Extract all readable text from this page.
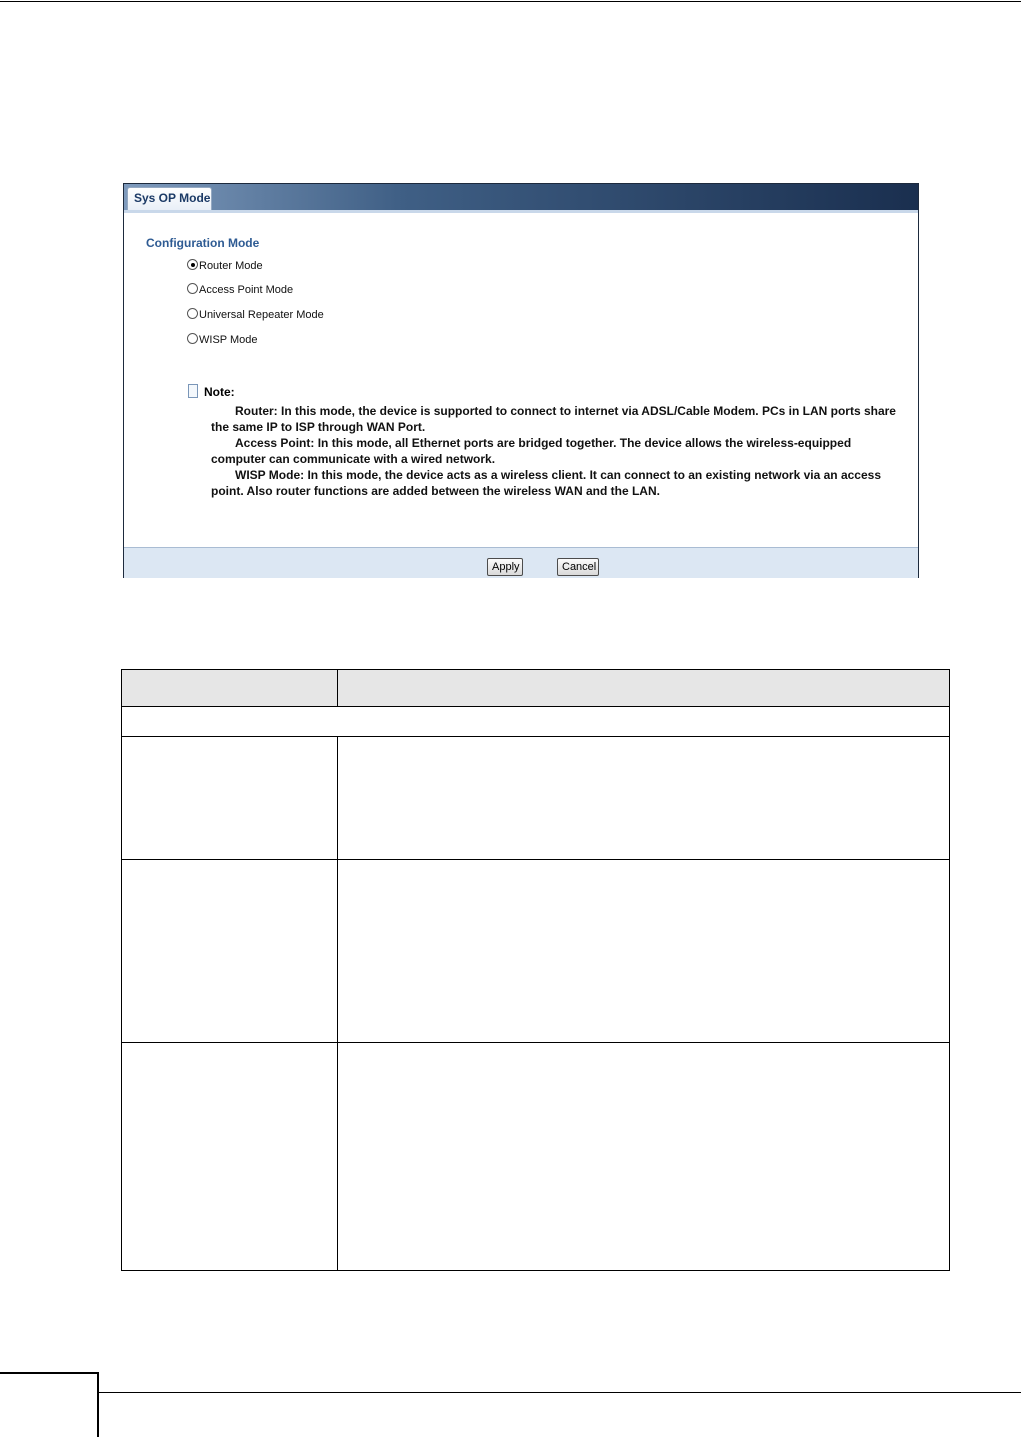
Sys OP Mode
Configuration Mode
Router Mode
Access Point Mode
Universal Repeater Mode
WISP Mode
Note:

Router: In this mode, the device is supported to connect to internet via ADSL/Cable Modem. PCs in LAN ports share the same IP to ISP through WAN Port.

Access Point: In this mode, all Ethernet ports are bridged together. The device allows the wireless-equipped computer can communicate with a wired network.

WISP Mode: In this mode, the device acts as a wireless client. It can connect to an existing network via an access point. Also router functions are added between the wireless WAN and the LAN.

Apply	Cancel
